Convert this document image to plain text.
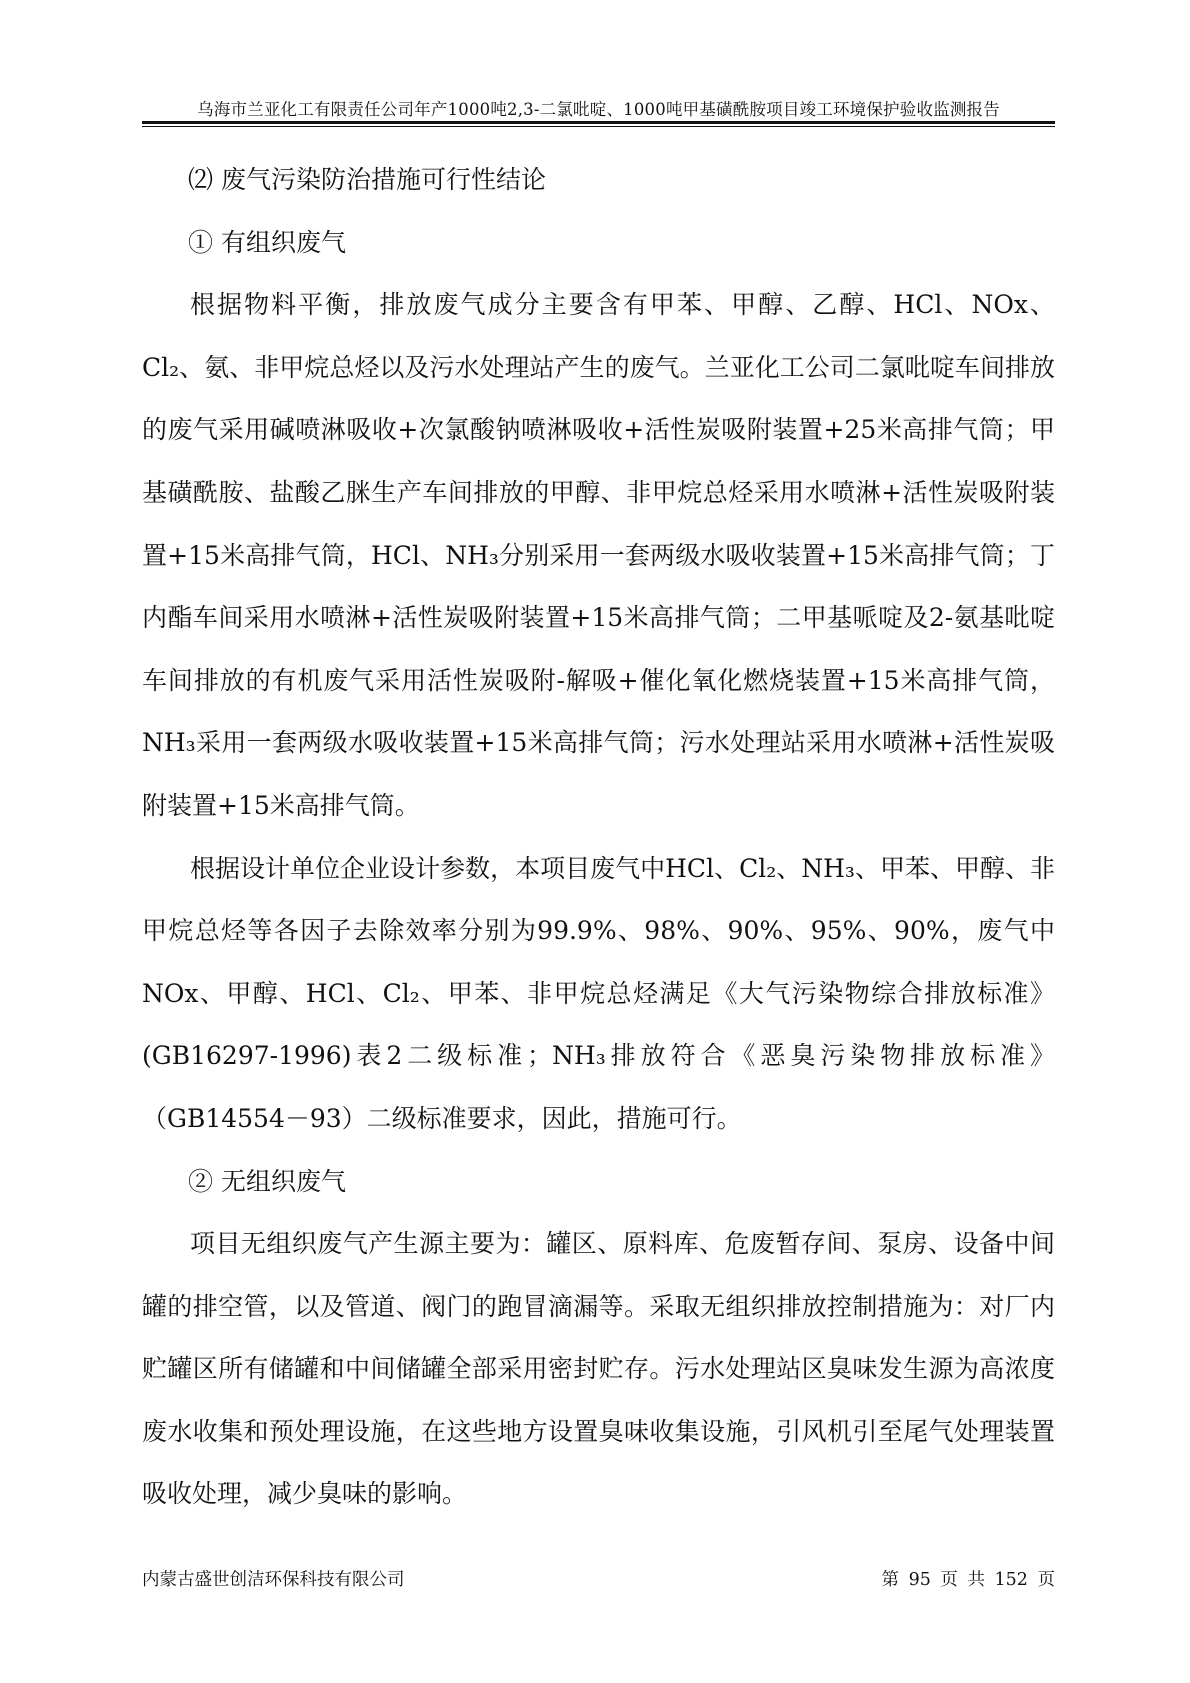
乌海市兰亚化工有限责任公司年产1000吨2,3-二氯吡啶、1000吨甲基磺酰胺项目竣工环境保护验收监测报告

⑵ 废气污染防治措施可行性结论

① 有组织废气

根据物料平衡，排放废气成分主要含有甲苯、甲醇、乙醇、HCl、NOx、Cl₂、氨、非甲烷总烃以及污水处理站产生的废气。兰亚化工公司二氯吡啶车间排放的废气采用碱喷淋吸收+次氯酸钠喷淋吸收+活性炭吸附装置+25米高排气筒；甲基磺酰胺、盐酸乙脒生产车间排放的甲醇、非甲烷总烃采用水喷淋+活性炭吸附装置+15米高排气筒，HCl、NH₃分别采用一套两级水吸收装置+15米高排气筒；丁内酯车间采用水喷淋+活性炭吸附装置+15米高排气筒；二甲基哌啶及2-氨基吡啶车间排放的有机废气采用活性炭吸附-解吸+催化氧化燃烧装置+15米高排气筒，NH₃采用一套两级水吸收装置+15米高排气筒；污水处理站采用水喷淋+活性炭吸附装置+15米高排气筒。

根据设计单位企业设计参数，本项目废气中HCl、Cl₂、NH₃、甲苯、甲醇、非甲烷总烃等各因子去除效率分别为99.9%、98%、90%、95%、90%，废气中NOx、甲醇、HCl、Cl₂、甲苯、非甲烷总烃满足《大气污染物综合排放标准》(GB16297-1996)表2二级标准；NH₃排放符合《恶臭污染物排放标准》（GB14554－93）二级标准要求，因此，措施可行。

② 无组织废气

项目无组织废气产生源主要为：罐区、原料库、危废暂存间、泵房、设备中间罐的排空管，以及管道、阀门的跑冒滴漏等。采取无组织排放控制措施为：对厂内贮罐区所有储罐和中间储罐全部采用密封贮存。污水处理站区臭味发生源为高浓度废水收集和预处理设施，在这些地方设置臭味收集设施，引风机引至尾气处理装置吸收处理，减少臭味的影响。

内蒙古盛世创洁环保科技有限公司	第 95 页 共 152 页
